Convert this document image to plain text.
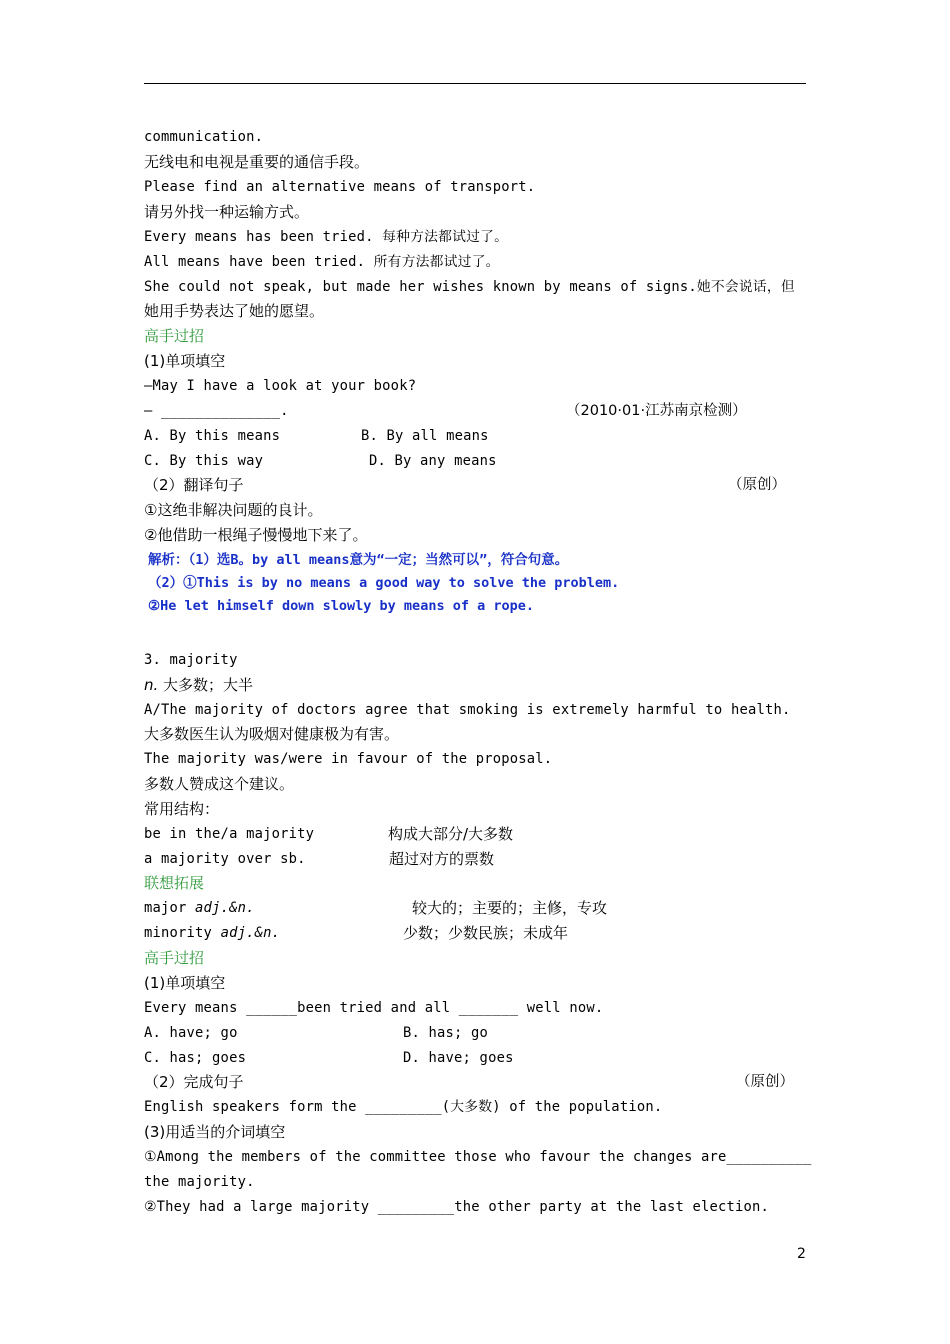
communication.
无线电和电视是重要的通信手段。
Please find an alternative means of transport.
请另外找一种运输方式。
Every means has been tried. 每种方法都试过了。
All means have been tried. 所有方法都试过了。
She could not speak, but made her wishes known by means of signs.她不会说话，但
她用手势表达了她的愿望。
高手过招
(1)单项填空
—May I have a look at your book?
— ______________.	（2010·01·江苏南京检测）
A. By this means	B. By all means
C. By this way	D. By any means
（2）翻译句子	（原创）
①这绝非解决问题的良计。
②他借助一根绳子慢慢地下来了。
解析：（1）选B。by all means意为“一定；当然可以”，符合句意。
（2）①This is by no means a good way to solve the problem.
②He let himself down slowly by means of a rope.
3. majority
n. 大多数；大半
A/The majority of doctors agree that smoking is extremely harmful to health.
大多数医生认为吸烟对健康极为有害。
The majority was/were in favour of the proposal.
多数人赞成这个建议。
常用结构：
be in the/a majority	构成大部分/大多数
a majority over sb.	超过对方的票数
联想拓展
major adj.&n.	较大的；主要的；主修，专攻
minority adj.&n.	少数；少数民族；未成年
高手过招
(1)单项填空
Every means ______been tried and all _______ well now.
A. have; go	B. has; go
C. has; goes	D. have; goes
（2）完成句子	（原创）
English speakers form the _________(大多数) of the population.
(3)用适当的介词填空
①Among the members of the committee those who favour the changes are__________
the majority.
②They had a large majority _________the other party at the last election.
2
